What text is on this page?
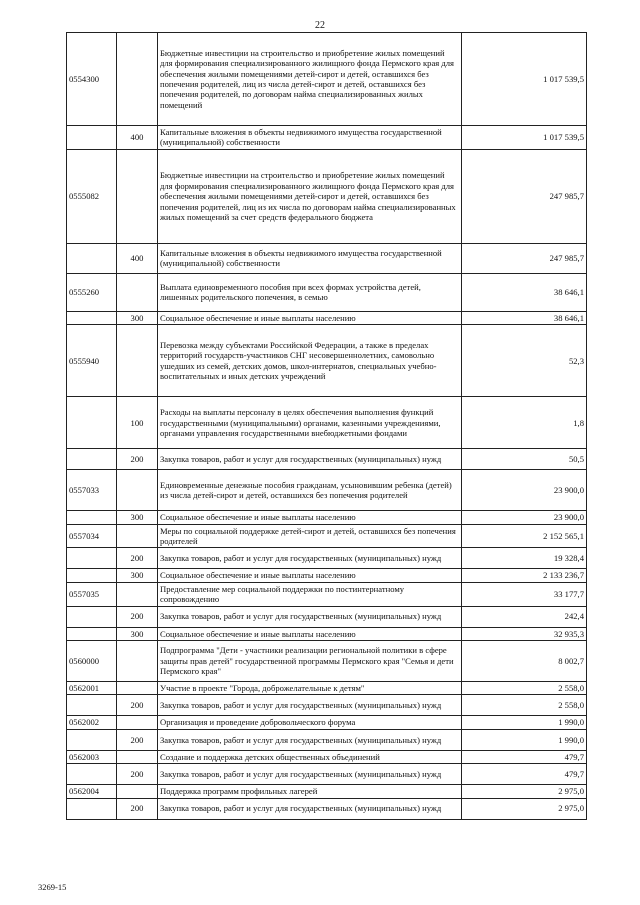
22
0554300		Бюджетные инвестиции на строительство и приобретение жилых помещений для формирования специализированного жилищного фонда Пермского края для обеспечения жилыми помещениями детей-сирот и детей, оставшихся без попечения родителей, лиц из числа детей-сирот и детей, оставшихся без попечения родителей, по договорам найма специализированных жилых помещений	1 017 539,5
	400	Капитальные вложения в объекты недвижимого имущества государственной (муниципальной) собственности	1 017 539,5
0555082		Бюджетные инвестиции на строительство и приобретение жилых помещений для формирования специализированного жилищного фонда Пермского края для обеспечения жилыми помещениями детей-сирот и детей, оставшихся без попечения родителей, лиц из их числа по договорам найма специализированных жилых помещений за счет средств федерального бюджета	247 985,7
	400	Капитальные вложения в объекты недвижимого имущества государственной (муниципальной) собственности	247 985,7
0555260		Выплата единовременного пособия при всех формах устройства детей, лишенных родительского попечения, в семью	38 646,1
	300	Социальное обеспечение и иные выплаты населению	38 646,1
0555940		Перевозка между субъектами Российской Федерации, а также в пределах территорий государств-участников СНГ несовершеннолетних, самовольно ушедших из семей, детских домов, школ-интернатов, специальных учебно-воспитательных и иных детских учреждений	52,3
	100	Расходы на выплаты персоналу в целях обеспечения выполнения функций государственными (муниципальными) органами, казенными учреждениями, органами управления государственными внебюджетными фондами	1,8
	200	Закупка товаров, работ и услуг для государственных (муниципальных) нужд	50,5
0557033		Единовременные денежные пособия гражданам, усыновившим ребенка (детей) из числа детей-сирот и детей, оставшихся без попечения родителей	23 900,0
	300	Социальное обеспечение и иные выплаты населению	23 900,0
0557034		Меры по социальной поддержке детей-сирот и детей, оставшихся без попечения родителей	2 152 565,1
	200	Закупка товаров, работ и услуг для государственных (муниципальных) нужд	19 328,4
	300	Социальное обеспечение и иные выплаты населению	2 133 236,7
0557035		Предоставление мер социальной поддержки по постинтернатному сопровождению	33 177,7
	200	Закупка товаров, работ и услуг для государственных (муниципальных) нужд	242,4
	300	Социальное обеспечение и иные выплаты населению	32 935,3
0560000		Подпрограмма "Дети - участники реализации региональной политики в сфере защиты прав детей" государственной программы Пермского края "Семья и дети Пермского края"	8 002,7
0562001		Участие в проекте "Города, доброжелательные к детям"	2 558,0
	200	Закупка товаров, работ и услуг для государственных (муниципальных) нужд	2 558,0
0562002		Организация и проведение добровольческого форума	1 990,0
	200	Закупка товаров, работ и услуг для государственных (муниципальных) нужд	1 990,0
0562003		Создание и поддержка детских общественных объединений	479,7
	200	Закупка товаров, работ и услуг для государственных (муниципальных) нужд	479,7
0562004		Поддержка программ профильных лагерей	2 975,0
	200	Закупка товаров, работ и услуг для государственных (муниципальных) нужд	2 975,0
3269-15
